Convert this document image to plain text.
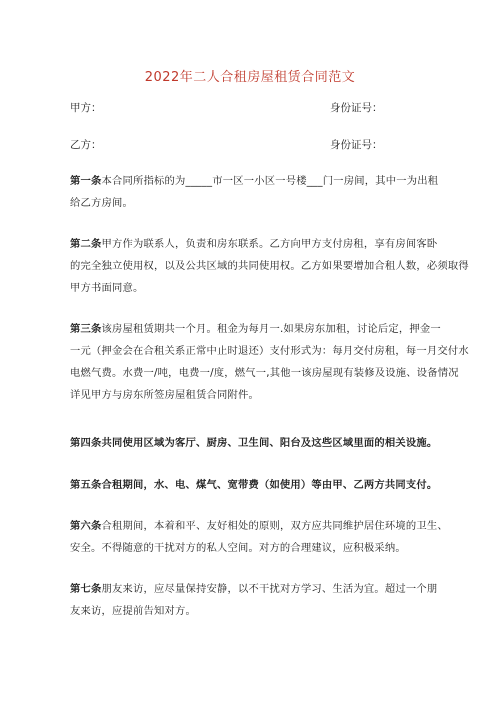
2022年二人合租房屋租赁合同范文
甲方：	身份证号：
乙方：	身份证号：
第一条本合同所指标的为_____市一区一小区一号楼___门一房间，其中一为出租
给乙方房间。
第二条甲方作为联系人，负责和房东联系。乙方向甲方支付房租，享有房间客卧
的完全独立使用权，以及公共区域的共同使用权。乙方如果要增加合租人数，必须取得
甲方书面同意。
第三条该房屋租赁期共一个月。租金为每月一.如果房东加租，讨论后定，押金一
一元（押金会在合租关系正常中止时退还）支付形式为：每月交付房租，每一月交付水
电燃气费。水费一/吨，电费一/度，燃气一,其他一该房屋现有装修及设施、设备情况
详见甲方与房东所签房屋租赁合同附件。
第四条共同使用区域为客厅、厨房、卫生间、阳台及这些区域里面的相关设施。
第五条合租期间，水、电、煤气、宽带费（如使用）等由甲、乙两方共同支付。
第六条合租期间，本着和平、友好相处的原则，双方应共同维护居住环境的卫生、
安全。不得随意的干扰对方的私人空间。对方的合理建议，应积极采纳。
第七条朋友来访，应尽量保持安静，以不干扰对方学习、生活为宜。超过一个朋
友来访，应提前告知对方。
